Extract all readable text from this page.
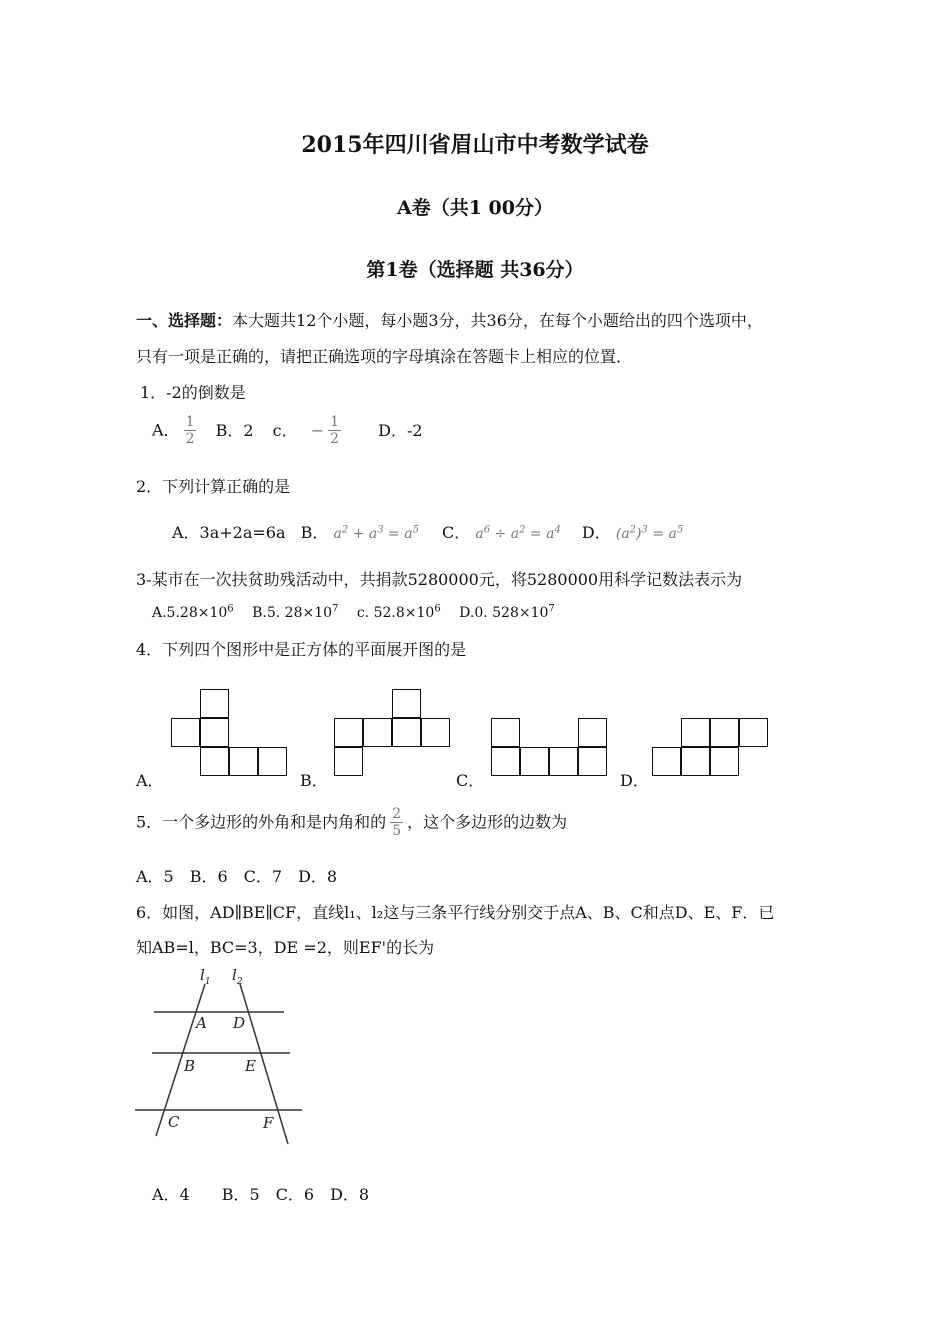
2015年四川省眉山市中考数学试卷
A卷（共1 00分）
第1卷（选择题 共36分）
一、选择题：本大题共12个小题，每小题3分，共36分，在每个小题给出的四个选项中，
只有一项是正确的，请把正确选项的字母填涂在答题卡上相应的位置．
1．-2的倒数是
A． $\frac{1}{2}$ B．2 c． − $\frac{1}{2}$ D．-2
2．下列计算正确的是
A．3a+2a=6a B． $a^2 + a^3 = a^5$ C． $a^6 \div a^2 = a^4$ D． $(a^2)^3 = a^5$
3-某市在一次扶贫助残活动中，共捐款5280000元，将5280000用科学记数法表示为
$A.5.28\times 10^6$ B.5. $28\times 10^7$ c. $52.8\times 10^6$ D.0. $528\times 10^7$
4．下列四个图形中是正方体的平面展开图的是
A．	B．	C．	D．
5．一个多边形的外角和是内角和的 $\frac{2}{5}$ ，这个多边形的边数为
A．5　B．6　C．7　D．8
6．如图，AD∥BE∥CF，直线l₁、l₂这与三条平行线分别交于点A、B、C和点D、E、F．已
知AB=l，BC=3，DE =2，则EF'的长为
$l_1$ $l_2$
A D
B	E
C	F
A．4　　B．5　C．6　D．8
